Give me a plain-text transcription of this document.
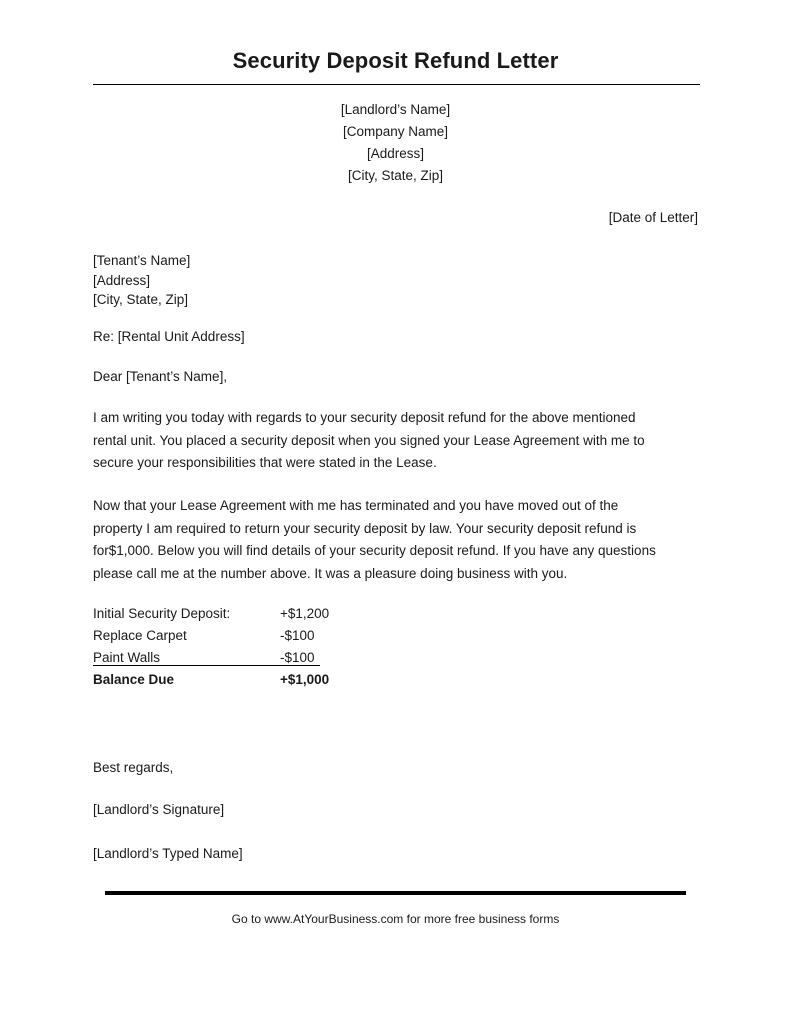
Security Deposit Refund Letter
[Landlord’s Name]
[Company Name]
[Address]
[City, State, Zip]
[Date of Letter]
[Tenant’s Name]
[Address]
[City, State, Zip]
Re: [Rental Unit Address]
Dear [Tenant’s Name],
I am writing you today with regards to your security deposit refund for the above mentioned
rental unit. You placed a security deposit when you signed your Lease Agreement with me to
secure your responsibilities that were stated in the Lease.
Now that your Lease Agreement with me has terminated and you have moved out of the
property I am required to return your security deposit by law. Your security deposit refund is
for$1,000. Below you will find details of your security deposit refund. If you have any questions
please call me at the number above. It was a pleasure doing business with you.
Initial Security Deposit:	+$1,200
Replace Carpet	-$100
Paint Walls	-$100
Balance Due	+$1,000
Best regards,
[Landlord’s Signature]
[Landlord’s Typed Name]
Go to www.AtYourBusiness.com for more free business forms
